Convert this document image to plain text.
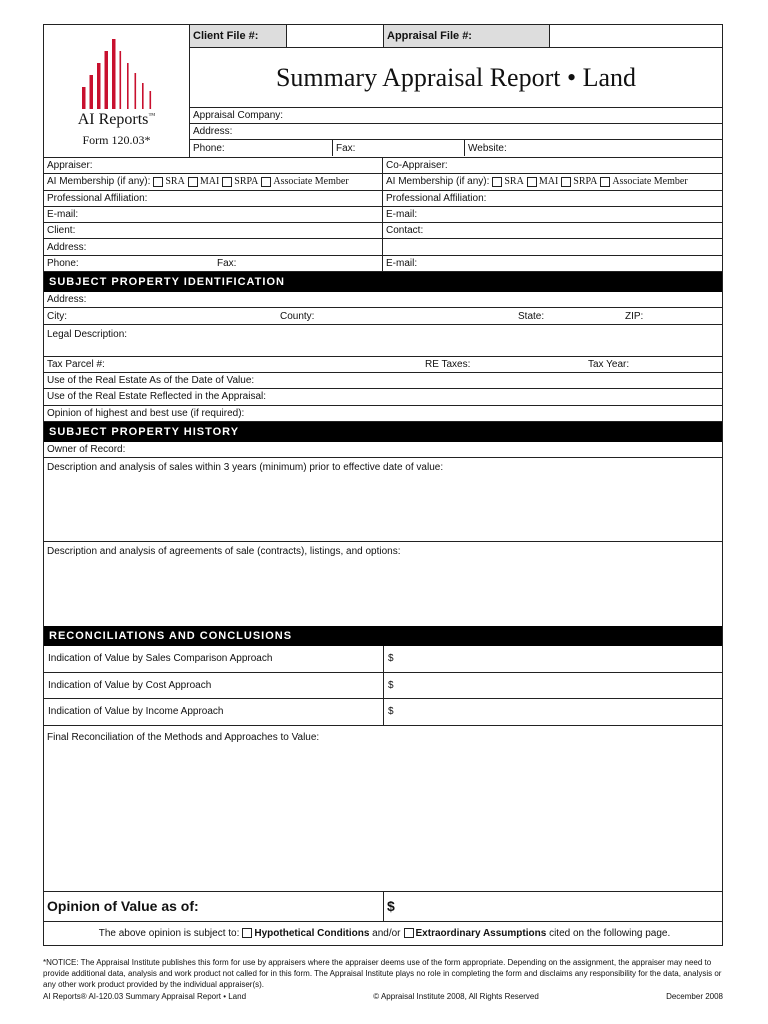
AI Reports™
Form 120.03*
Client File #:	Appraisal File #:
Summary Appraisal Report • Land
Appraisal Company:
Address:
Phone:	Fax:	Website:
Appraiser:	Co-Appraiser:
AI Membership (if any): SRA MAI SRPA Associate Member	AI Membership (if any): SRA MAI SRPA Associate Member
Professional Affiliation:	Professional Affiliation:
E-mail:	E-mail:
Client:	Contact:
Address:
Phone:	Fax:	E-mail:
SUBJECT PROPERTY IDENTIFICATION
Address:
City:	County:	State:	ZIP:
Legal Description:
Tax Parcel #:	RE Taxes:	Tax Year:
Use of the Real Estate As of the Date of Value:
Use of the Real Estate Reflected in the Appraisal:
Opinion of highest and best use (if required):
SUBJECT PROPERTY HISTORY
Owner of Record:
Description and analysis of sales within 3 years (minimum) prior to effective date of value:
Description and analysis of agreements of sale (contracts), listings, and options:
RECONCILIATIONS AND CONCLUSIONS
Indication of Value by Sales Comparison Approach	$
Indication of Value by Cost Approach	$
Indication of Value by Income Approach	$
Final Reconciliation of the Methods and Approaches to Value:
Opinion of Value as of:	$
The above opinion is subject to: Hypothetical Conditions
and/or Extraordinary Assumptions
cited on the following page.
*NOTICE: The Appraisal Institute publishes this form for use by appraisers where the appraiser deems use of the form appropriate. Depending on the assignment, the appraiser may need to provide additional data, analysis and work product not called for in this form. The Appraisal Institute plays no role in completing the form and disclaims any responsibility for the data, analysis or any other work product provided by the individual appraiser(s).
AI Reports® AI-120.03 Summary Appraisal Report • Land	© Appraisal Institute 2008, All Rights Reserved	December 2008
